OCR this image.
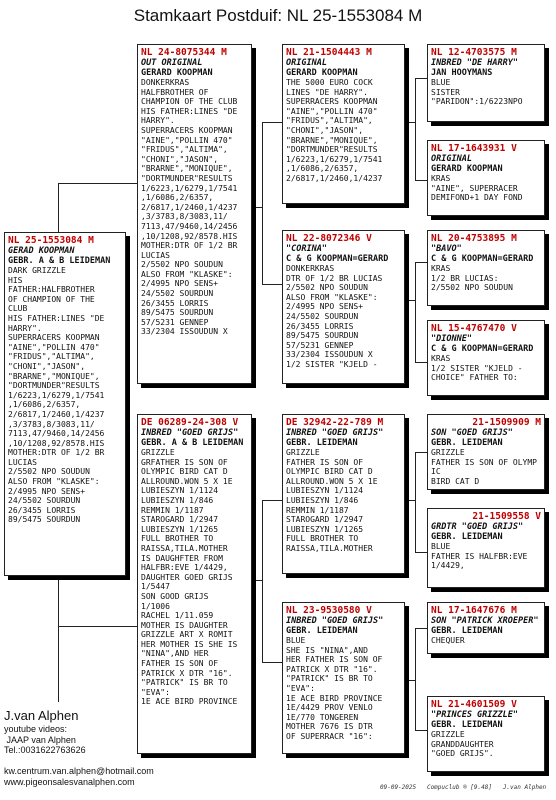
Stamkaart Postduif: NL 25-1553084 M
NL 25-1553084 M
GERAD KOOPMAN
GEBR. A & B LEIDEMAN
DARK GRIZZLE
HIS
FATHER:HALFBROTHER
OF CHAMPION OF THE
CLUB
HIS FATHER:LINES "DE
HARRY".
SUPERRACERS KOOPMAN
"AINE","POLLIN 470"
"FRIDUS","ALTIMA",
"CHONI","JASON",
"BRARNE","MONIQUE",
"DORTMUNDER"RESULTS
1/6223,1/6279,1/7541
,1/6086,2/6357,
2/6817,1/2460,1/4237
,3/3783,8/3083,11/
7113,47/9460,14/2456
,10/1208,92/8578.HIS
MOTHER:DTR OF 1/2 BR
LUCIAS
2/5502 NPO SOUDUN
ALSO FROM "KLASKE":
2/4995 NPO SENS+
24/5502 SOURDUN
26/3455 LORRIS
89/5475 SOURDUN
NL 24-8075344 M
OUT ORIGINAL
GERARD KOOPMAN
DONKERKRAS
HALFBROTHER OF
CHAMPION OF THE CLUB
HIS FATHER:LINES "DE
HARRY".
SUPERRACERS KOOPMAN
"AINE","POLLIN 470"
"FRIDUS","ALTIMA",
"CHONI","JASON",
"BRARNE","MONIQUE",
"DORTMUNDER"RESULTS
1/6223,1/6279,1/7541
,1/6086,2/6357,
2/6817,1/2460,1/4237
,3/3783,8/3083,11/
7113,47/9460,14/2456
,10/1208,92/8578.HIS
MOTHER:DTR OF 1/2 BR
LUCIAS
2/5502 NPO SOUDUN
ALSO FROM "KLASKE":
2/4995 NPO SENS+
24/5502 SOURDUN
26/3455 LORRIS
89/5475 SOURDUN
57/5231 GENNEP
33/2304 ISSOUDUN X
DE 06289-24-308 V
INBRED "GOED GRIJS"
GEBR. A & B LEIDEMAN
GRIZZLE
GRFATHER IS SON OF
OLYMPIC BIRD CAT D
ALLROUND.WON 5 X 1E
LUBIESZYN 1/1124
LUBIESZYN 1/846
REMMIN 1/1187
STAROGARD 1/2947
LUBIESZYN 1/1265
FULL BROTHER TO
RAISSA,TILA.MOTHER
IS DAUGHFTER FROM
HALFBR:EVE 1/4429,
DAUGHTER GOED GRIJS
1/5447
SON GOOD GRIJS
1/1006
RACHEL 1/11.059
MOTHER IS DAUGHTER
GRIZZLE ART X ROMIT
HER MOTHER IS SHE IS
"NINA",AND HER
FATHER IS SON OF
PATRICK X DTR "16".
"PATRICK" IS BR TO
"EVA":
1E ACE BIRD PROVINCE
NL 21-1504443 M
ORIGINAL
GERARD KOOPMAN
THE 5000 EURO COCK
LINES "DE HARRY".
SUPERRACERS KOOPMAN
"AINE","POLLIN 470"
"FRIDUS","ALTIMA",
"CHONI","JASON",
"BRARNE","MONIQUE",
"DORTMUNDER"RESULTS
1/6223,1/6279,1/7541
,1/6086,2/6357,
2/6817,1/2460,1/4237
NL 22-8072346 V
"CORINA"
C & G KOOPMAN=GERARD
DONKERKRAS
DTR OF 1/2 BR LUCIAS
2/5502 NPO SOUDUN
ALSO FROM "KLASKE":
2/4995 NPO SENS+
24/5502 SOURDUN
26/3455 LORRIS
89/5475 SOURDUN
57/5231 GENNEP
33/2304 ISSOUDUN X
1/2 SISTER "KJELD -
DE 32942-22-789 M
INBRED "GOED GRIJS"
GEBR. LEIDEMAN
GRIZZLE
FATHER IS SON OF
OLYMPIC BIRD CAT D
ALLROUND.WON 5 X 1E
LUBIESZYN 1/1124
LUBIESZYN 1/846
REMMIN 1/1187
STAROGARD 1/2947
LUBIESZYN 1/1265
FULL BROTHER TO
RAISSA,TILA.MOTHER
NL 23-9530580 V
INBRED "GOED GRIJS"
GEBR. LEIDEMAN
BLUE
SHE IS "NINA",AND
HER FATHER IS SON OF
PATRICK X DTR "16".
"PATRICK" IS BR TO
"EVA":
1E ACE BIRD PROVINCE
1E/4429 PROV VENLO
1E/770 TONGEREN
MOTHER 7676 IS DTR
OF SUPERRACR "16":
NL 12-4703575 M
INBRED "DE HARRY"
JAN HOOYMANS
BLUE
SISTER
"PARIDON":1/6223NPO
NL 17-1643931 V
ORIGINAL
GERARD KOOPMAN
KRAS
"AINE", SUPERRACER
DEMIFOND+1 DAY FOND
NL 20-4753895 M
"BAVO"
C & G KOOPMAN=GERARD
KRAS
1/2 BR LUCIAS:
2/5502 NPO SOUDUN
NL 15-4767470 V
"DIONNE"
C & G KOOPMAN=GERARD
KRAS
1/2 SISTER "KJELD -
CHOICE" FATHER TO:
21-1509909 M
SON "GOED GRIJS"
GEBR. LEIDEMAN
GRIZZLE
FATHER IS SON OF OLYMPIC
BIRD CAT D
21-1509558 V
GRDTR "GOED GRIJS"
GEBR. LEIDEMAN
BLUE
FATHER IS HALFBR:EVE
1/4429,
NL 17-1647676 M
SON "PATRICK XROEPER"
GEBR. LEIDEMAN
CHEQUER
NL 21-4601509 V
"PRINCES GRIZZLE"
GEBR. LEIDEMAN
GRIZZLE
GRANDDAUGHTER
"GOED GRIJS".
J.van Alphen
youtube videos:
JAAP van Alphen
Tel.:0031622763626
kw.centrum.van.alphen@hotmail.com
www.pigeonsalesvanalphen.com
09-09-2025   Compuclub ® [9.48]   J.van Alphen
